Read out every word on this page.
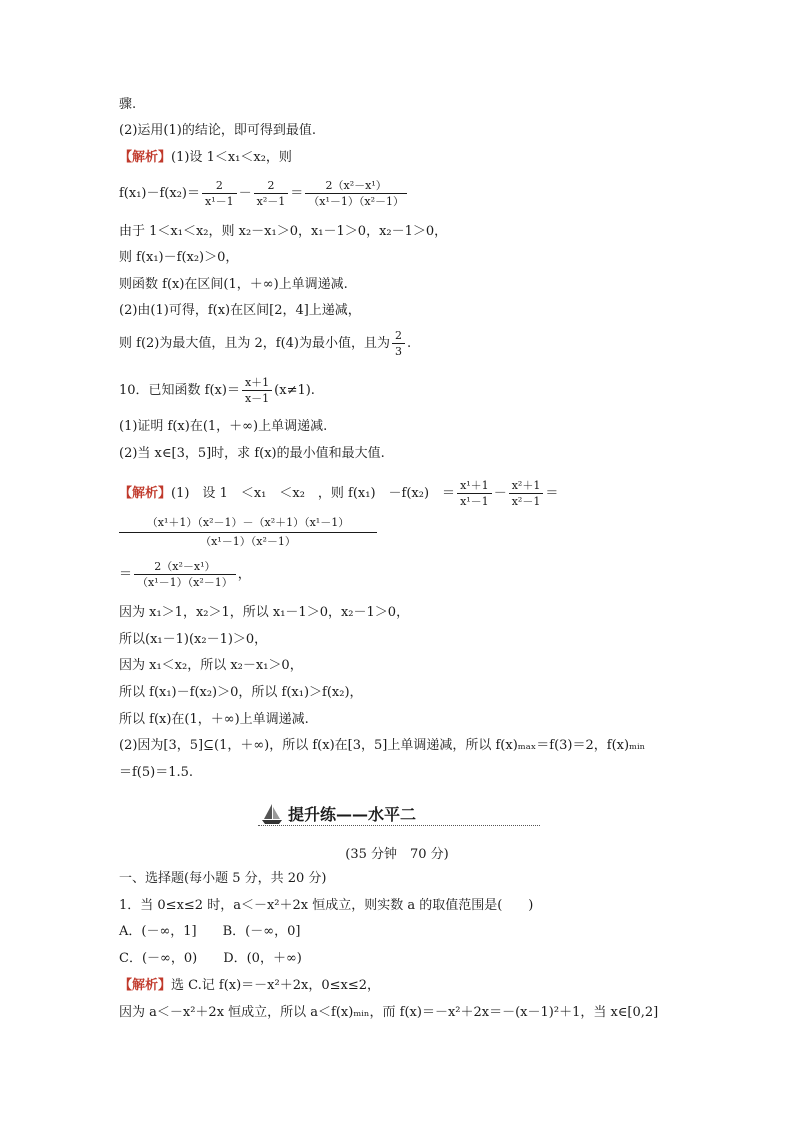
骤.
(2)运用(1)的结论，即可得到最值.
【解析】(1)设 1＜x₁＜x₂，则
$f(x_1)-f(x_2)= \frac{2}{\text{x¹－1}} - \frac{2}{\text{x²－1}} = \frac{\text{2（x²－x¹）}}{\text{（x¹－1）（x²－1）}}$
由于 1＜x₁＜x₂，则 x₂－x₁＞0，x₁－1＞0，x₂－1＞0，
则 f(x₁)－f(x₂)＞0，
则函数 f(x)在区间(1，＋∞)上单调递减.
(2)由(1)可得，f(x)在区间[2，4]上递减，
则 f(2)为最大值，且为 2，f(4)为最小值，且为 $\frac{2}{3}$ .
10．已知函数 $f(x)= \frac{x+1}{x-1} (x\ne 1)$.
(1)证明 f(x)在(1，＋∞)上单调递减.
(2)当 x∈[3，5]时，求 f(x)的最小值和最大值.
【解析】(1)　设 1　＜x₁　＜x₂　，则 f(x₁)　－f(x₂)　＝ $\frac{\text{x¹＋1}}{\text{x¹－1}} - \frac{\text{x²＋1}}{\text{x²－1}}$ ＝
$\frac{\text{（x¹＋1）（x²－1）－（x²＋1）（x¹－1）}}{\text{（x¹－1）（x²－1）}}$
＝ $\frac{\text{2（x²－x¹）}}{\text{（x¹－1）（x²－1）}}$ ，
因为 x₁＞1，x₂＞1，所以 x₁－1＞0，x₂－1＞0，
所以(x₁－1)(x₂－1)＞0，
因为 x₁＜x₂，所以 x₂－x₁＞0，
所以 f(x₁)－f(x₂)＞0，所以 f(x₁)＞f(x₂)，
所以 f(x)在(1，＋∞)上单调递减.
(2)因为[3，5]⊆(1，＋∞)，所以 f(x)在[3，5]上单调递减，所以 f(x)ₘₐₓ＝f(3)＝2，f(x)ₘᵢₙ
＝f(5)＝1.5.
提升练——水平二
(35 分钟　70 分)
一、选择题(每小题 5 分，共 20 分)
1．当 0≤x≤2 时，a＜－x²＋2x 恒成立，则实数 a 的取值范围是(　　)
A．(－∞，1]　　B．(－∞，0]
C．(－∞，0)　　D．(0，＋∞)
【解析】选 C.记 f(x)＝－x²＋2x，0≤x≤2，
因为 a＜－x²＋2x 恒成立，所以 a＜f(x)ₘᵢₙ，而 f(x)＝－x²＋2x＝－(x－1)²＋1，当 x∈[0,2]
